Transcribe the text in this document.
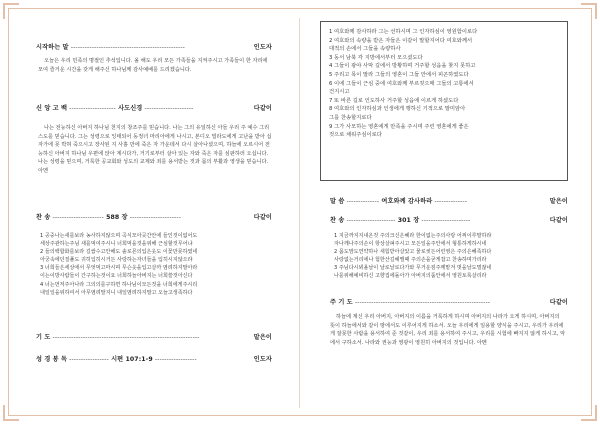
시작하는 말 -------------------------------------------------	인도자

오늘은 우리 민족의 명절인 추석입니다. 올 해도 우리 모든 가족들을 지켜주시고 가족들이 한 자리에 모여 즐거운 시간을 갖게 해주신 하나님께 감사예배를 드리겠습니다.

신 앙 고 백 -------------------- 사도신경 ---------------------	다같이

나는 전능하신 아버지 하나님 천지의 창조주를 믿습니다. 나는 그의 유일하신 아들 우리 주 예수 그리스도를 믿습니다. 그는 성령으로 잉태되어 동정녀 마리아에게 나시고, 본디오 빌라도에게 고난을 받아 십자가에 못 박혀 죽으시고 장사된 지 사흘 만에 죽은 자 가운데서 다시 살아나셨으며, 하늘에 오르시어 전능하신 아버지 하나님 우편에 앉아 계시다가, 거기로부터 살아 있는 자와 죽은 자를 심판하러 오십니다. 나는 성령을 믿으며, 거룩한 공교회와 성도의 교제와 죄를 용서받는 것과 몸의 부활과 영생을 믿습니다. 아멘

찬 송 ---------------------- 588 장 ----------------------	다같이
1 공중나는새를보라 농사하지않으며 곡식모아곳간안에 들인것이없어도
세상주관하는주님 새를먹여주시니 너희먹을것을위해 근심할것무어냐
2 들의백합화를보라 길쌈수고안해도 솔로몬의입은옷도 이꽃만못하였네
아궁속에던질풀도 귀히입히시거든 사랑하는자녀들을 입히시지않으랴
3 너희들은세상에서 무엇먹고마시며 무슨옷을입고살까 염려하지말아라
이는이방사람들이 간구하는것이요 너희하늘아버지는 너희쓸것아신다
4 너는먼저주아나라 그의의를구하면 하나님이모든것을 너희에게주시리
내일일을위하여서 아무염려말지니 내일염려하지말고 오늘고생족하다
기 도 ---------------------------------------------------------------	맡은이
성 경 봉 독 ----------------- 시편 107:1-9 ------------------	인도자
1 여호와께 감사하라 그는 선하시며 그 인자하심이 영원함이로다
2 여호와의 속량을 받은 자들은 이같이 말할지어다 여호와께서
대적의 손에서 그들을 속량하사
3 동서 남북 각 지방에서부터 모으셨도다
4 그들이 광야 사막 길에서 방황하며 거주할 성읍을 찾지 못하고
5 주리고 목이 말라 그들의 영혼이 그들 안에서 피곤하였도다
6 이에 그들이 근심 중에 여호와께 부르짖으매 그들의 고통에서
건지시고
7 또 바른 길로 인도하사 거주할 성읍에 이르게 하셨도다
8 여호와의 인자하심과 인생에게 행하신 기적으로 말미암아
그를 찬송할지로다
9 그가 사모하는 영혼에게 만족을 주시며 주린 영혼에게 좋은
것으로 채워주심이로다
말 씀 -------------- 여호와께 감사하라 --------------	맡은이
찬 송 --------------------- 301 장 ---------------------	다같이
1 지금까지지내온것 주의크신은혜라 한이없는주의사랑 어찌이루말하랴
자나깨나주의손이 항상살펴주시고 모든일을주안에서 형통하게하시네
2 몸도맘도연약하나 새힘받아살았고 물로씻든어린영은 주의은혜족하다
사랑없는거리에나 험한산길헤맬때 주의손을굳게잡고 찬송하며가리라
3 주님다시뵈올날이 날로날로다가와 무거운짐주께맡겨 벗을날도멀잖네
나를위해예비하신 고향집에돌아가 아버지의품안에서 영원토록살리라
주 기 도 ----------------------------------------------------------	다같이

하늘에 계신 우리 아버지, 아버지의 이름을 거룩하게 하시며 아버지의 나라가 오게 하시며, 아버지의 뜻이 하늘에서와 같이 땅에서도 이루어지게 하소서. 오늘 우리에게 일용할 양식을 주시고, 우리가 우리에게 잘못한 사람을 용서하여 준 것같이, 우리 죄를 용서하여 주시고, 우리를 시험에 빠지지 않게 하시고, 악에서 구하소서. 나라와 권능과 영광이 영원히 아버지의 것입니다. 아멘
